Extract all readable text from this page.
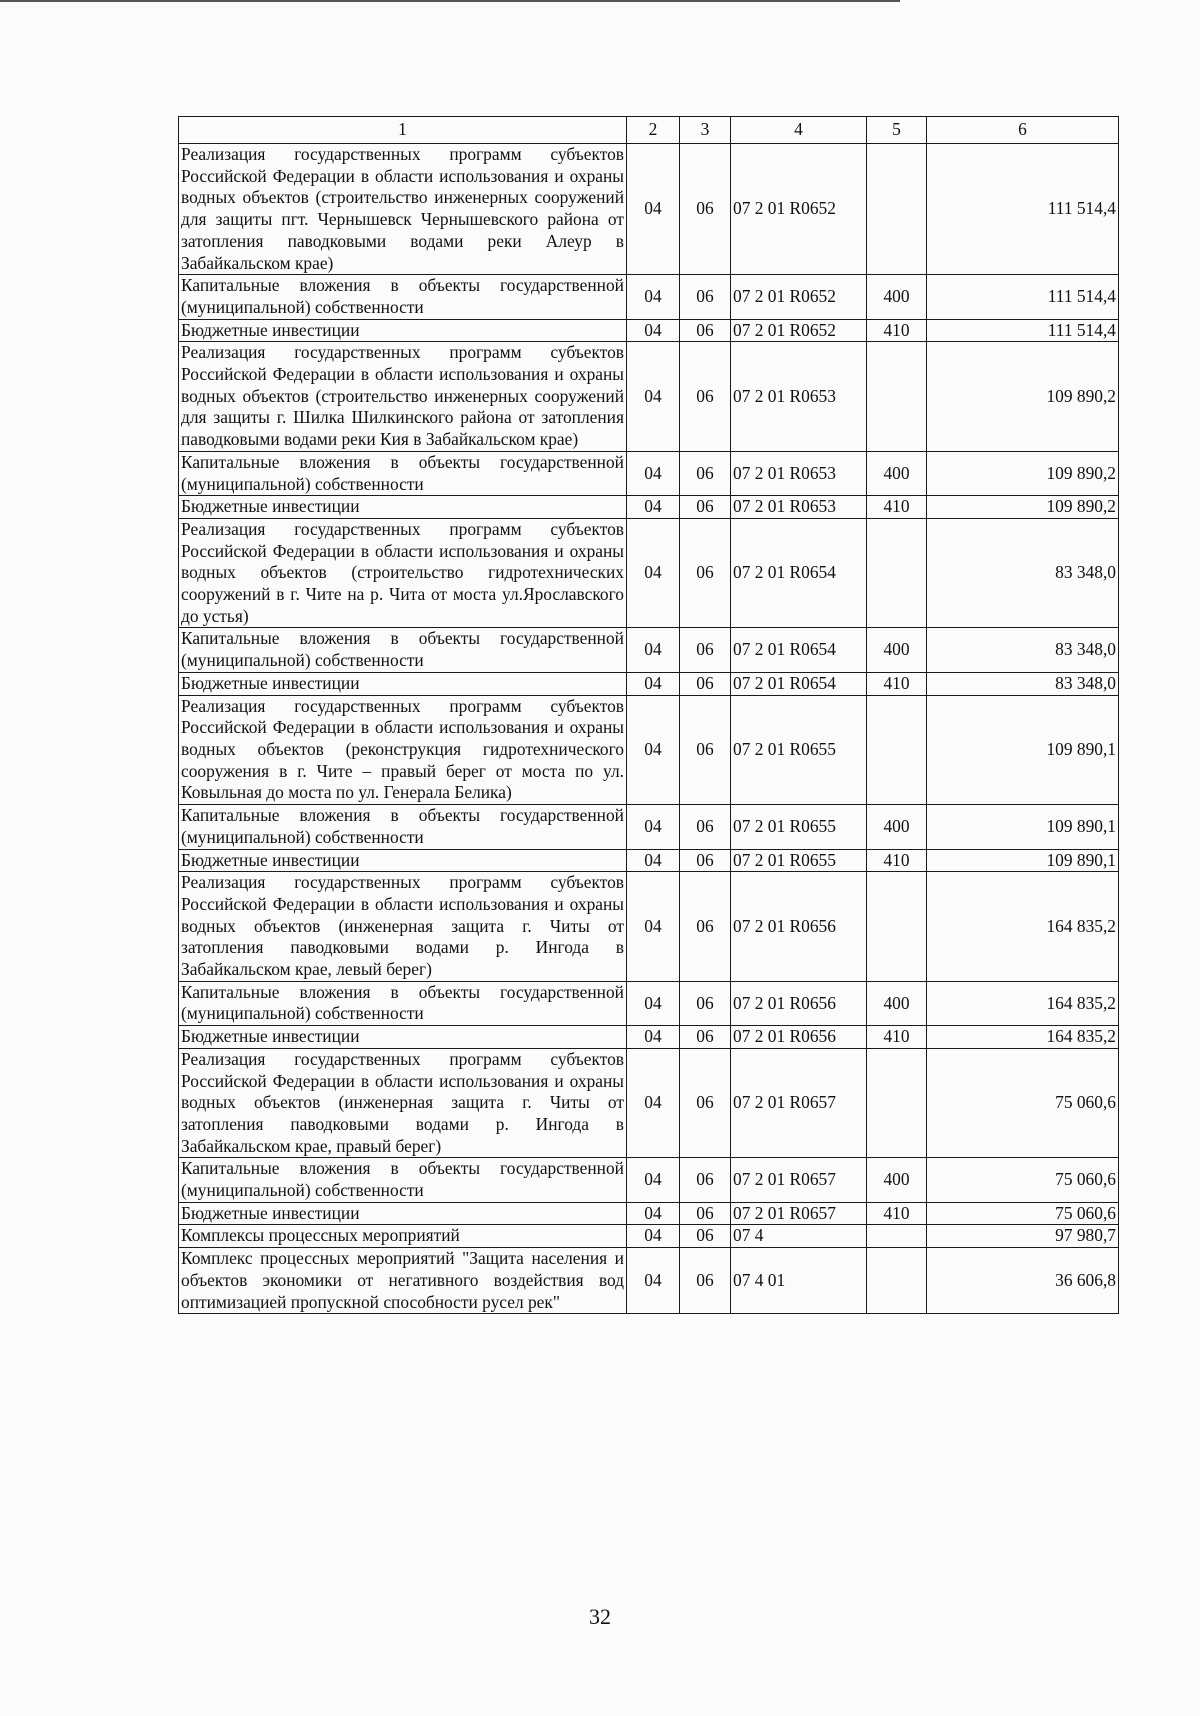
1	2	3	4	5	6
Реализация государственных программ субъектов Российской Федерации в области использования и охраны водных объектов (строительство инженерных сооружений для защиты пгт. Чернышевск Чернышевского района от затопления паводковыми водами реки Алеур в Забайкальском крае)	04	06	07 2 01 R0652		111 514,4
Капитальные вложения в объекты государственной (муниципальной) собственности	04	06	07 2 01 R0652	400	111 514,4
Бюджетные инвестиции	04	06	07 2 01 R0652	410	111 514,4
Реализация государственных программ субъектов Российской Федерации в области использования и охраны водных объектов (строительство инженерных сооружений для защиты г. Шилка Шилкинского района от затопления паводковыми водами реки Кия в Забайкальском крае)	04	06	07 2 01 R0653		109 890,2
Капитальные вложения в объекты государственной (муниципальной) собственности	04	06	07 2 01 R0653	400	109 890,2
Бюджетные инвестиции	04	06	07 2 01 R0653	410	109 890,2
Реализация государственных программ субъектов Российской Федерации в области использования и охраны водных объектов (строительство гидротехнических сооружений в г. Чите на р. Чита от моста ул.Ярославского до устья)	04	06	07 2 01 R0654		83 348,0
Капитальные вложения в объекты государственной (муниципальной) собственности	04	06	07 2 01 R0654	400	83 348,0
Бюджетные инвестиции	04	06	07 2 01 R0654	410	83 348,0
Реализация государственных программ субъектов Российской Федерации в области использования и охраны водных объектов (реконструкция гидротехнического сооружения в г. Чите – правый берег от моста по ул. Ковыльная до моста по ул. Генерала Белика)	04	06	07 2 01 R0655		109 890,1
Капитальные вложения в объекты государственной (муниципальной) собственности	04	06	07 2 01 R0655	400	109 890,1
Бюджетные инвестиции	04	06	07 2 01 R0655	410	109 890,1
Реализация государственных программ субъектов Российской Федерации в области использования и охраны водных объектов (инженерная защита г. Читы от затопления паводковыми водами р. Ингода в Забайкальском крае, левый берег)	04	06	07 2 01 R0656		164 835,2
Капитальные вложения в объекты государственной (муниципальной) собственности	04	06	07 2 01 R0656	400	164 835,2
Бюджетные инвестиции	04	06	07 2 01 R0656	410	164 835,2
Реализация государственных программ субъектов Российской Федерации в области использования и охраны водных объектов (инженерная защита г. Читы от затопления паводковыми водами р. Ингода в Забайкальском крае, правый берег)	04	06	07 2 01 R0657		75 060,6
Капитальные вложения в объекты государственной (муниципальной) собственности	04	06	07 2 01 R0657	400	75 060,6
Бюджетные инвестиции	04	06	07 2 01 R0657	410	75 060,6
Комплексы процессных мероприятий	04	06	07 4		97 980,7
Комплекс процессных мероприятий "Защита населения и объектов экономики от негативного воздействия вод оптимизацией пропускной способности русел рек"	04	06	07 4 01		36 606,8
32
